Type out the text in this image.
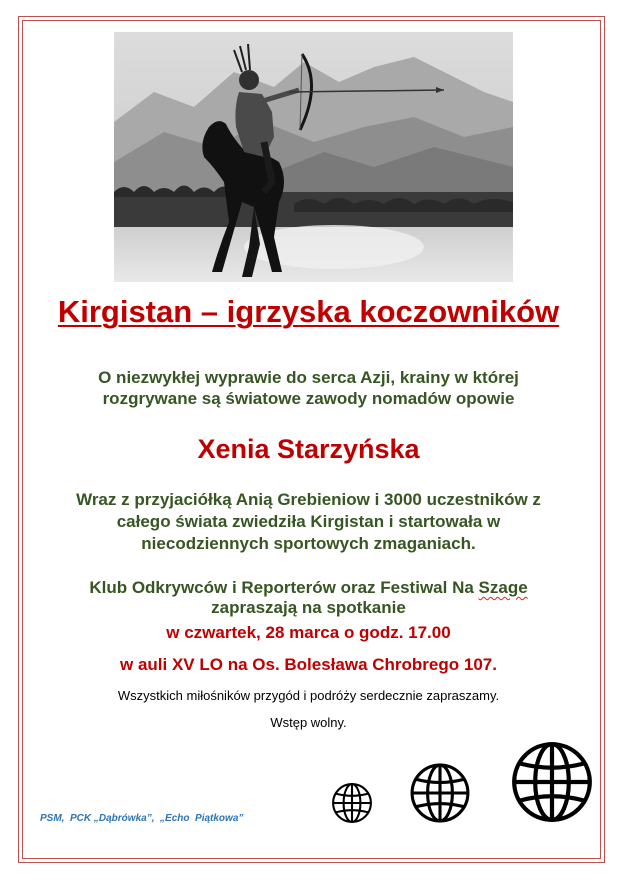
Kirgistan – igrzyska koczowników
O niezwykłej wyprawie do serca Azji, krainy w której
rozgrywane są światowe zawody nomadów opowie
Xenia Starzyńska
Wraz z przyjaciółką Anią Grebieniow i 3000 uczestników z
całego świata zwiedziła Kirgistan i startowała w
niecodziennych sportowych zmaganiach.
Klub Odkrywców i Reporterów oraz Festiwal Na Szage
zapraszają na spotkanie
w czwartek, 28 marca o godz. 17.00
w auli XV LO na Os. Bolesława Chrobrego 107.
Wszystkich miłośników przygód i podróży serdecznie zapraszamy.
Wstęp wolny.
PSM,  PCK „Dąbrówka”,  „Echo  Piątkowa”
